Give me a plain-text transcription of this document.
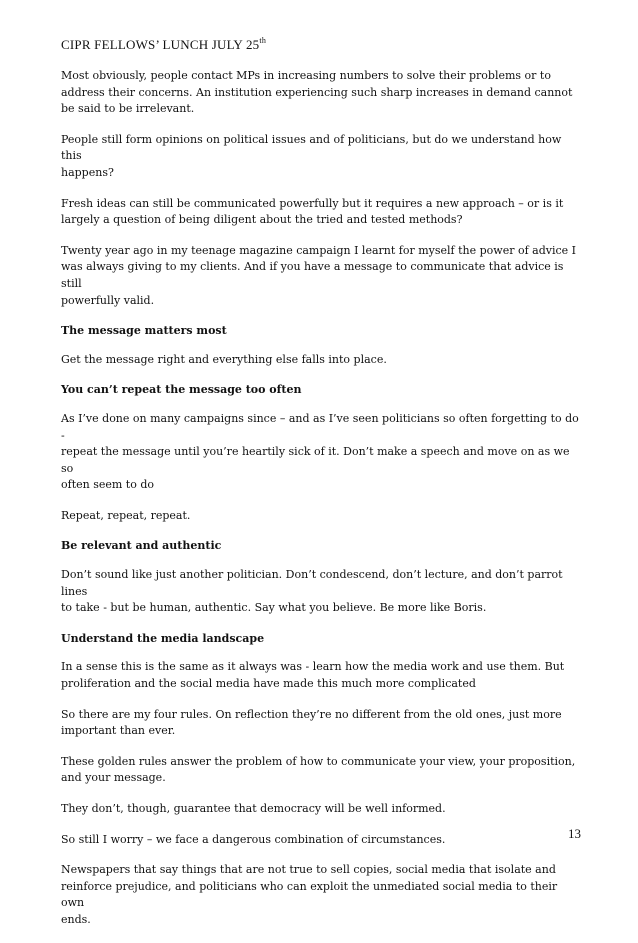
CIPR FELLOWS’ LUNCH JULY 25th

Most obviously, people contact MPs in increasing numbers to solve their problems or to
address their concerns. An institution experiencing such sharp increases in demand cannot
be said to be irrelevant.

People still form opinions on political issues and of politicians, but do we understand how this
happens?

Fresh ideas can still be communicated powerfully but it requires a new approach – or is it
largely a question of being diligent about the tried and tested methods?

Twenty year ago in my teenage magazine campaign I learnt for myself the power of advice I
was always giving to my clients. And if you have a message to communicate that advice is still
powerfully valid.

The message matters most

Get the message right and everything else falls into place.

You can’t repeat the message too often

As I’ve done on many campaigns since – and as I’ve seen politicians so often forgetting to do -
repeat the message until you’re heartily sick of it. Don’t make a speech and move on as we so
often seem to do

Repeat, repeat, repeat.

Be relevant and authentic

Don’t sound like just another politician. Don’t condescend, don’t lecture, and don’t parrot lines
to take - but be human, authentic. Say what you believe. Be more like Boris.

Understand the media landscape

In a sense this is the same as it always was - learn how the media work and use them. But
proliferation and the social media have made this much more complicated

So there are my four rules. On reflection they’re no different from the old ones, just more
important than ever.

These golden rules answer the problem of how to communicate your view, your proposition,
and your message.

They don’t, though, guarantee that democracy will be well informed.

So still I worry – we face a dangerous combination of circumstances.

Newspapers that say things that are not true to sell copies, social media that isolate and
reinforce prejudice, and politicians who can exploit the unmediated social media to their own
ends.

13
